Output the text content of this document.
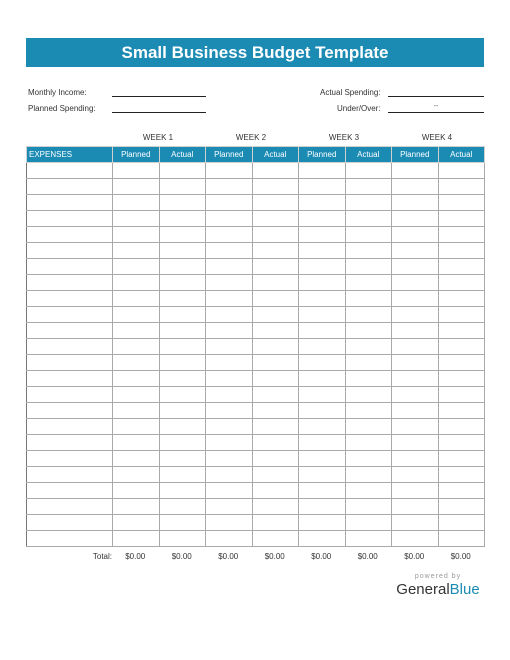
Small Business Budget Template
Monthly Income:
Planned Spending:
Actual Spending:
Under/Over:	--
WEEK 1	WEEK 2	WEEK 3	WEEK 4
EXPENSES	Planned	Actual	Planned	Actual	Planned	Actual	Planned	Actual

Total:	$0.00	$0.00	$0.00	$0.00	$0.00	$0.00	$0.00	$0.00
powered by
GeneralBlue
